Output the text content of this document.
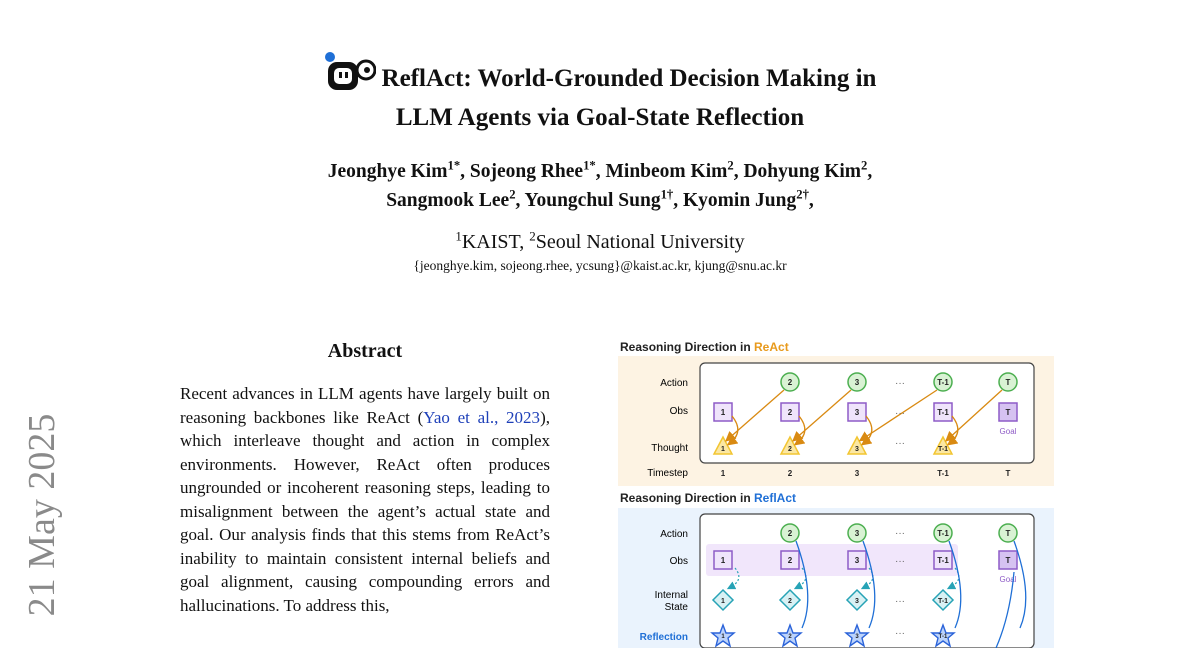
21 May 2025
ReflAct: World-Grounded Decision Making in
LLM Agents via Goal-State Reflection
Jeonghye Kim$^{1*}$, Sojeong Rhee$^{1*}$, Minbeom Kim$^2$, Dohyung Kim$^2$,
Sangmook Lee$^2$, Youngchul Sung$^{1\dagger}$, Kyomin Jung$^{2\dagger}$,
$^1$KAIST, $^2$Seoul National University
{jeonghye.kim, sojeong.rhee, ycsung}@kaist.ac.kr, kjung@snu.ac.kr
Abstract
Recent advances in LLM agents have largely built on reasoning backbones like ReAct (Yao et al., 2023), which interleave thought and action in complex environments. However, ReAct often produces ungrounded or incoherent reasoning steps, leading to misalignment between the agent’s actual state and goal. Our analysis finds that this stems from ReAct’s inability to maintain consistent internal beliefs and goal alignment, causing compounding errors and hallucinations. To address this,
Reasoning Direction in ReAct
Action
Obs
Thought
Timestep
1
1
1
2
2
2
2
3
3
3
3
T-1
T-1
T-1
T-1
T
T
T
Goal
···
···
···
Reasoning Direction in ReflAct
Action
Obs
Internal
State
Reflection
1
1
1
2
2
2
2
3
3
3
3
T-1
T-1
T-1
T-1
T
T
Goal
···
···
···
···
